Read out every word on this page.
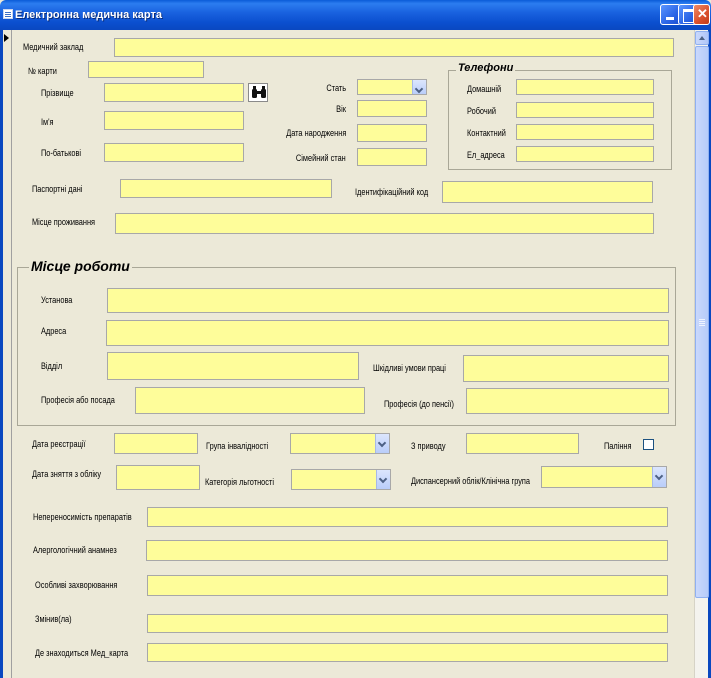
Електронна медична карта
✕
Медичний заклад
№ карти
Прізвище
Ім'я
По-батькові
Стать
Вік
Дата народження
Сімейний стан
Телефони
Домашній
Робочий
Контактний
Ел_адреса
Паспортні дані	Ідентифікаційний код
Місце проживання
Місце роботи
Установа
Адреса
Відділ	Шкідливі умови праці
Професія або посада	Професія (до пенсії)
Дата реєстрації	Група інвалідності	З приводу	Паління
Дата зняття з обліку
Категорія льготності	Диспансерний облік/Клінічна група
Непереносимість препаратів
Алергологічний анамнез
Особливі захворювання
Змінив(ла)
Де знаходиться Мед_карта
